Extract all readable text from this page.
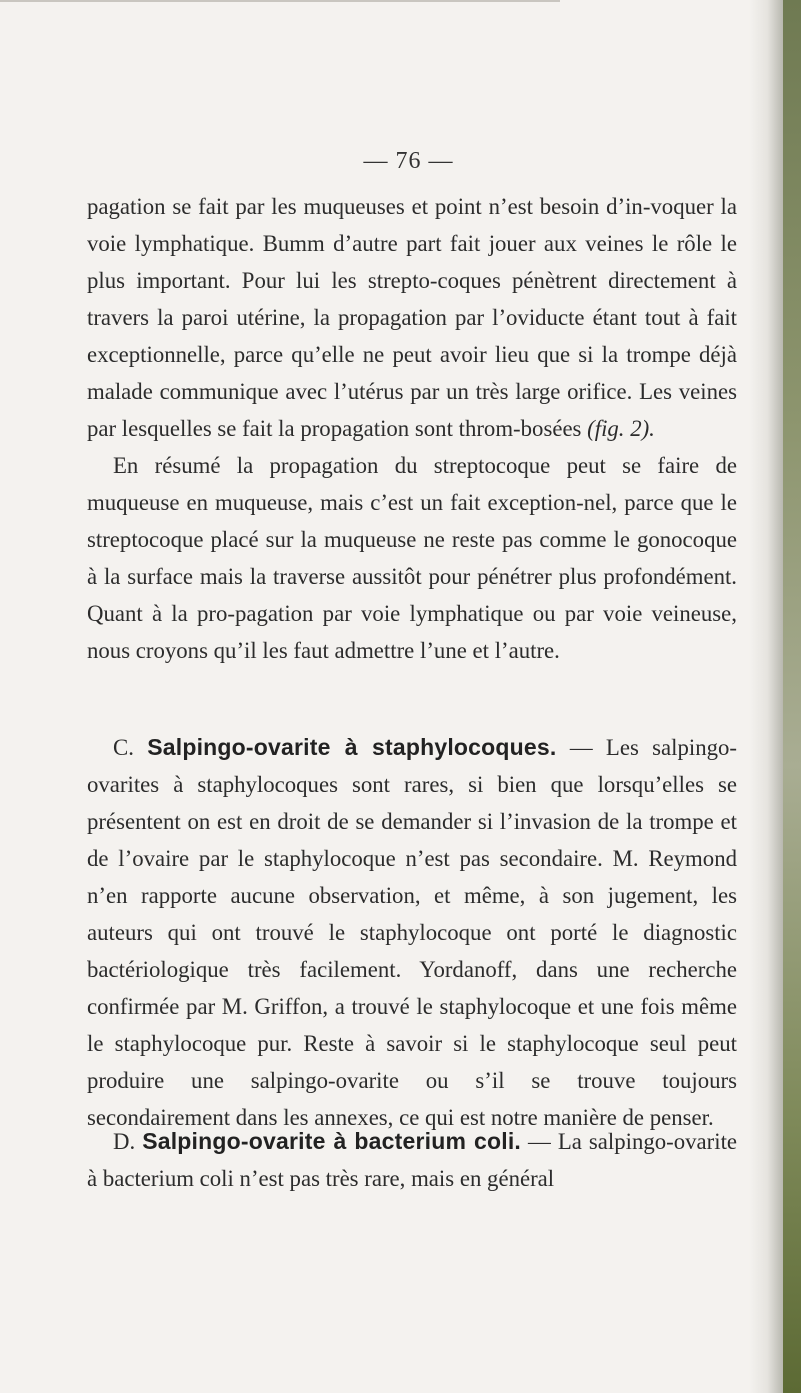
— 76 —

pagation se fait par les muqueuses et point n’est besoin d’in-voquer la voie lymphatique. Bumm d’autre part fait jouer aux veines le rôle le plus important. Pour lui les strepto-coques pénètrent directement à travers la paroi utérine, la propagation par l’oviducte étant tout à fait exceptionnelle, parce qu’elle ne peut avoir lieu que si la trompe déjà malade communique avec l’utérus par un très large orifice. Les veines par lesquelles se fait la propagation sont throm-bosées (fig. 2).

En résumé la propagation du streptocoque peut se faire de muqueuse en muqueuse, mais c’est un fait exception-nel, parce que le streptocoque placé sur la muqueuse ne reste pas comme le gonocoque à la surface mais la traverse aussitôt pour pénétrer plus profondément. Quant à la pro-pagation par voie lymphatique ou par voie veineuse, nous croyons qu’il les faut admettre l’une et l’autre.

C. Salpingo-ovarite à staphylocoques. — Les salpingo-ovarites à staphylocoques sont rares, si bien que lorsqu’elles se présentent on est en droit de se demander si l’invasion de la trompe et de l’ovaire par le staphylocoque n’est pas secondaire. M. Reymond n’en rapporte aucune observation, et même, à son jugement, les auteurs qui ont trouvé le staphylocoque ont porté le diagnostic bactériologique très facilement. Yordanoff, dans une recherche confirmée par M. Griffon, a trouvé le staphylocoque et une fois même le staphylocoque pur. Reste à savoir si le staphylocoque seul peut produire une salpingo-ovarite ou s’il se trouve toujours secondairement dans les annexes, ce qui est notre manière de penser.

D. Salpingo-ovarite à bacterium coli. — La salpingo-ovarite à bacterium coli n’est pas très rare, mais en général
